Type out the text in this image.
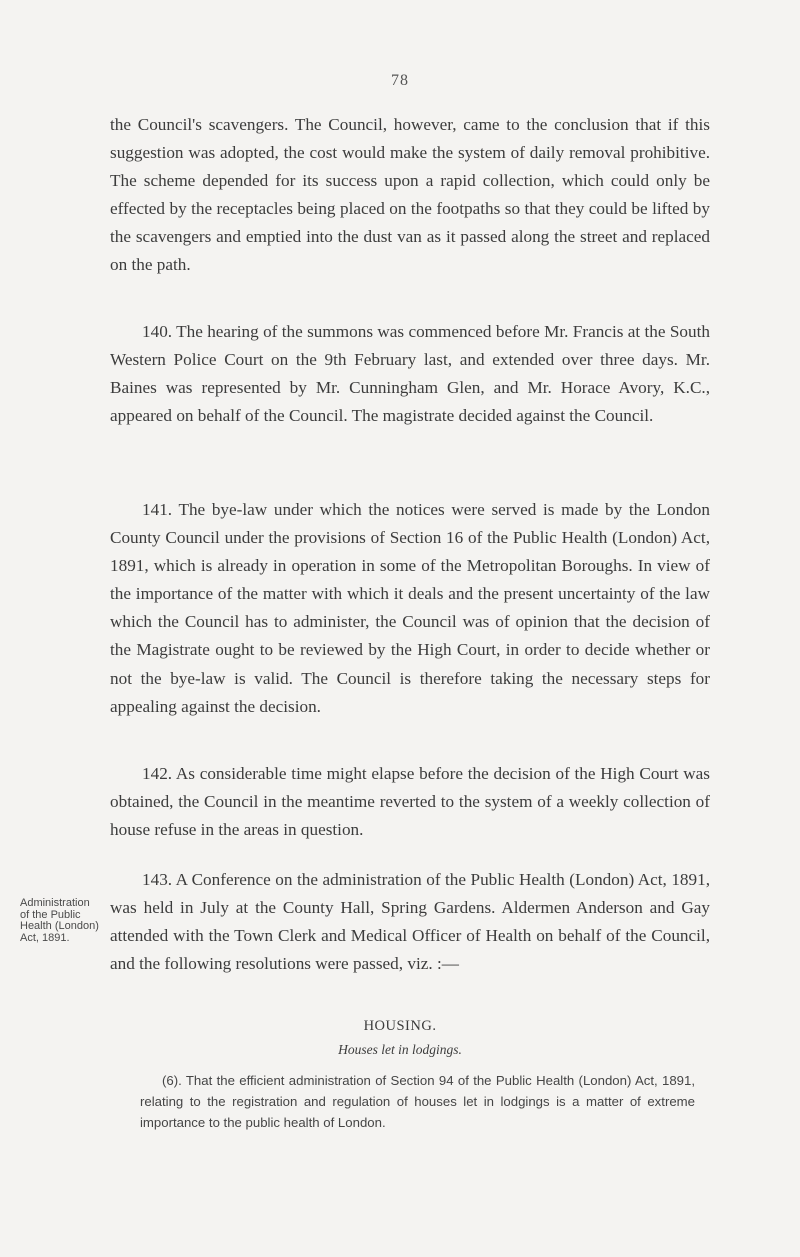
78

the Council's scavengers. The Council, however, came to the conclusion that if this suggestion was adopted, the cost would make the system of daily removal prohibitive. The scheme depended for its success upon a rapid collection, which could only be effected by the receptacles being placed on the footpaths so that they could be lifted by the scavengers and emptied into the dust van as it passed along the street and replaced on the path.

140. The hearing of the summons was commenced before Mr. Francis at the South Western Police Court on the 9th February last, and extended over three days. Mr. Baines was represented by Mr. Cunningham Glen, and Mr. Horace Avory, K.C., appeared on behalf of the Council. The magistrate decided against the Council.

141. The bye-law under which the notices were served is made by the London County Council under the provisions of Section 16 of the Public Health (London) Act, 1891, which is already in operation in some of the Metropolitan Boroughs. In view of the importance of the matter with which it deals and the present uncertainty of the law which the Council has to administer, the Council was of opinion that the decision of the Magistrate ought to be reviewed by the High Court, in order to decide whether or not the bye-law is valid. The Council is therefore taking the necessary steps for appealing against the decision.

142. As considerable time might elapse before the decision of the High Court was obtained, the Council in the meantime reverted to the system of a weekly collection of house refuse in the areas in question.

143. A Conference on the administration of the Public Health (London) Act, 1891, was held in July at the County Hall, Spring Gardens. Aldermen Anderson and Gay attended with the Town Clerk and Medical Officer of Health on behalf of the Council, and the following resolutions were passed, viz. :—

Administration
of the Public
Health (London)
Act, 1891.
HOUSING.
Houses let in lodgings.

(6). That the efficient administration of Section 94 of the Public Health (London) Act, 1891, relating to the registration and regulation of houses let in lodgings is a matter of extreme importance to the public health of London.
